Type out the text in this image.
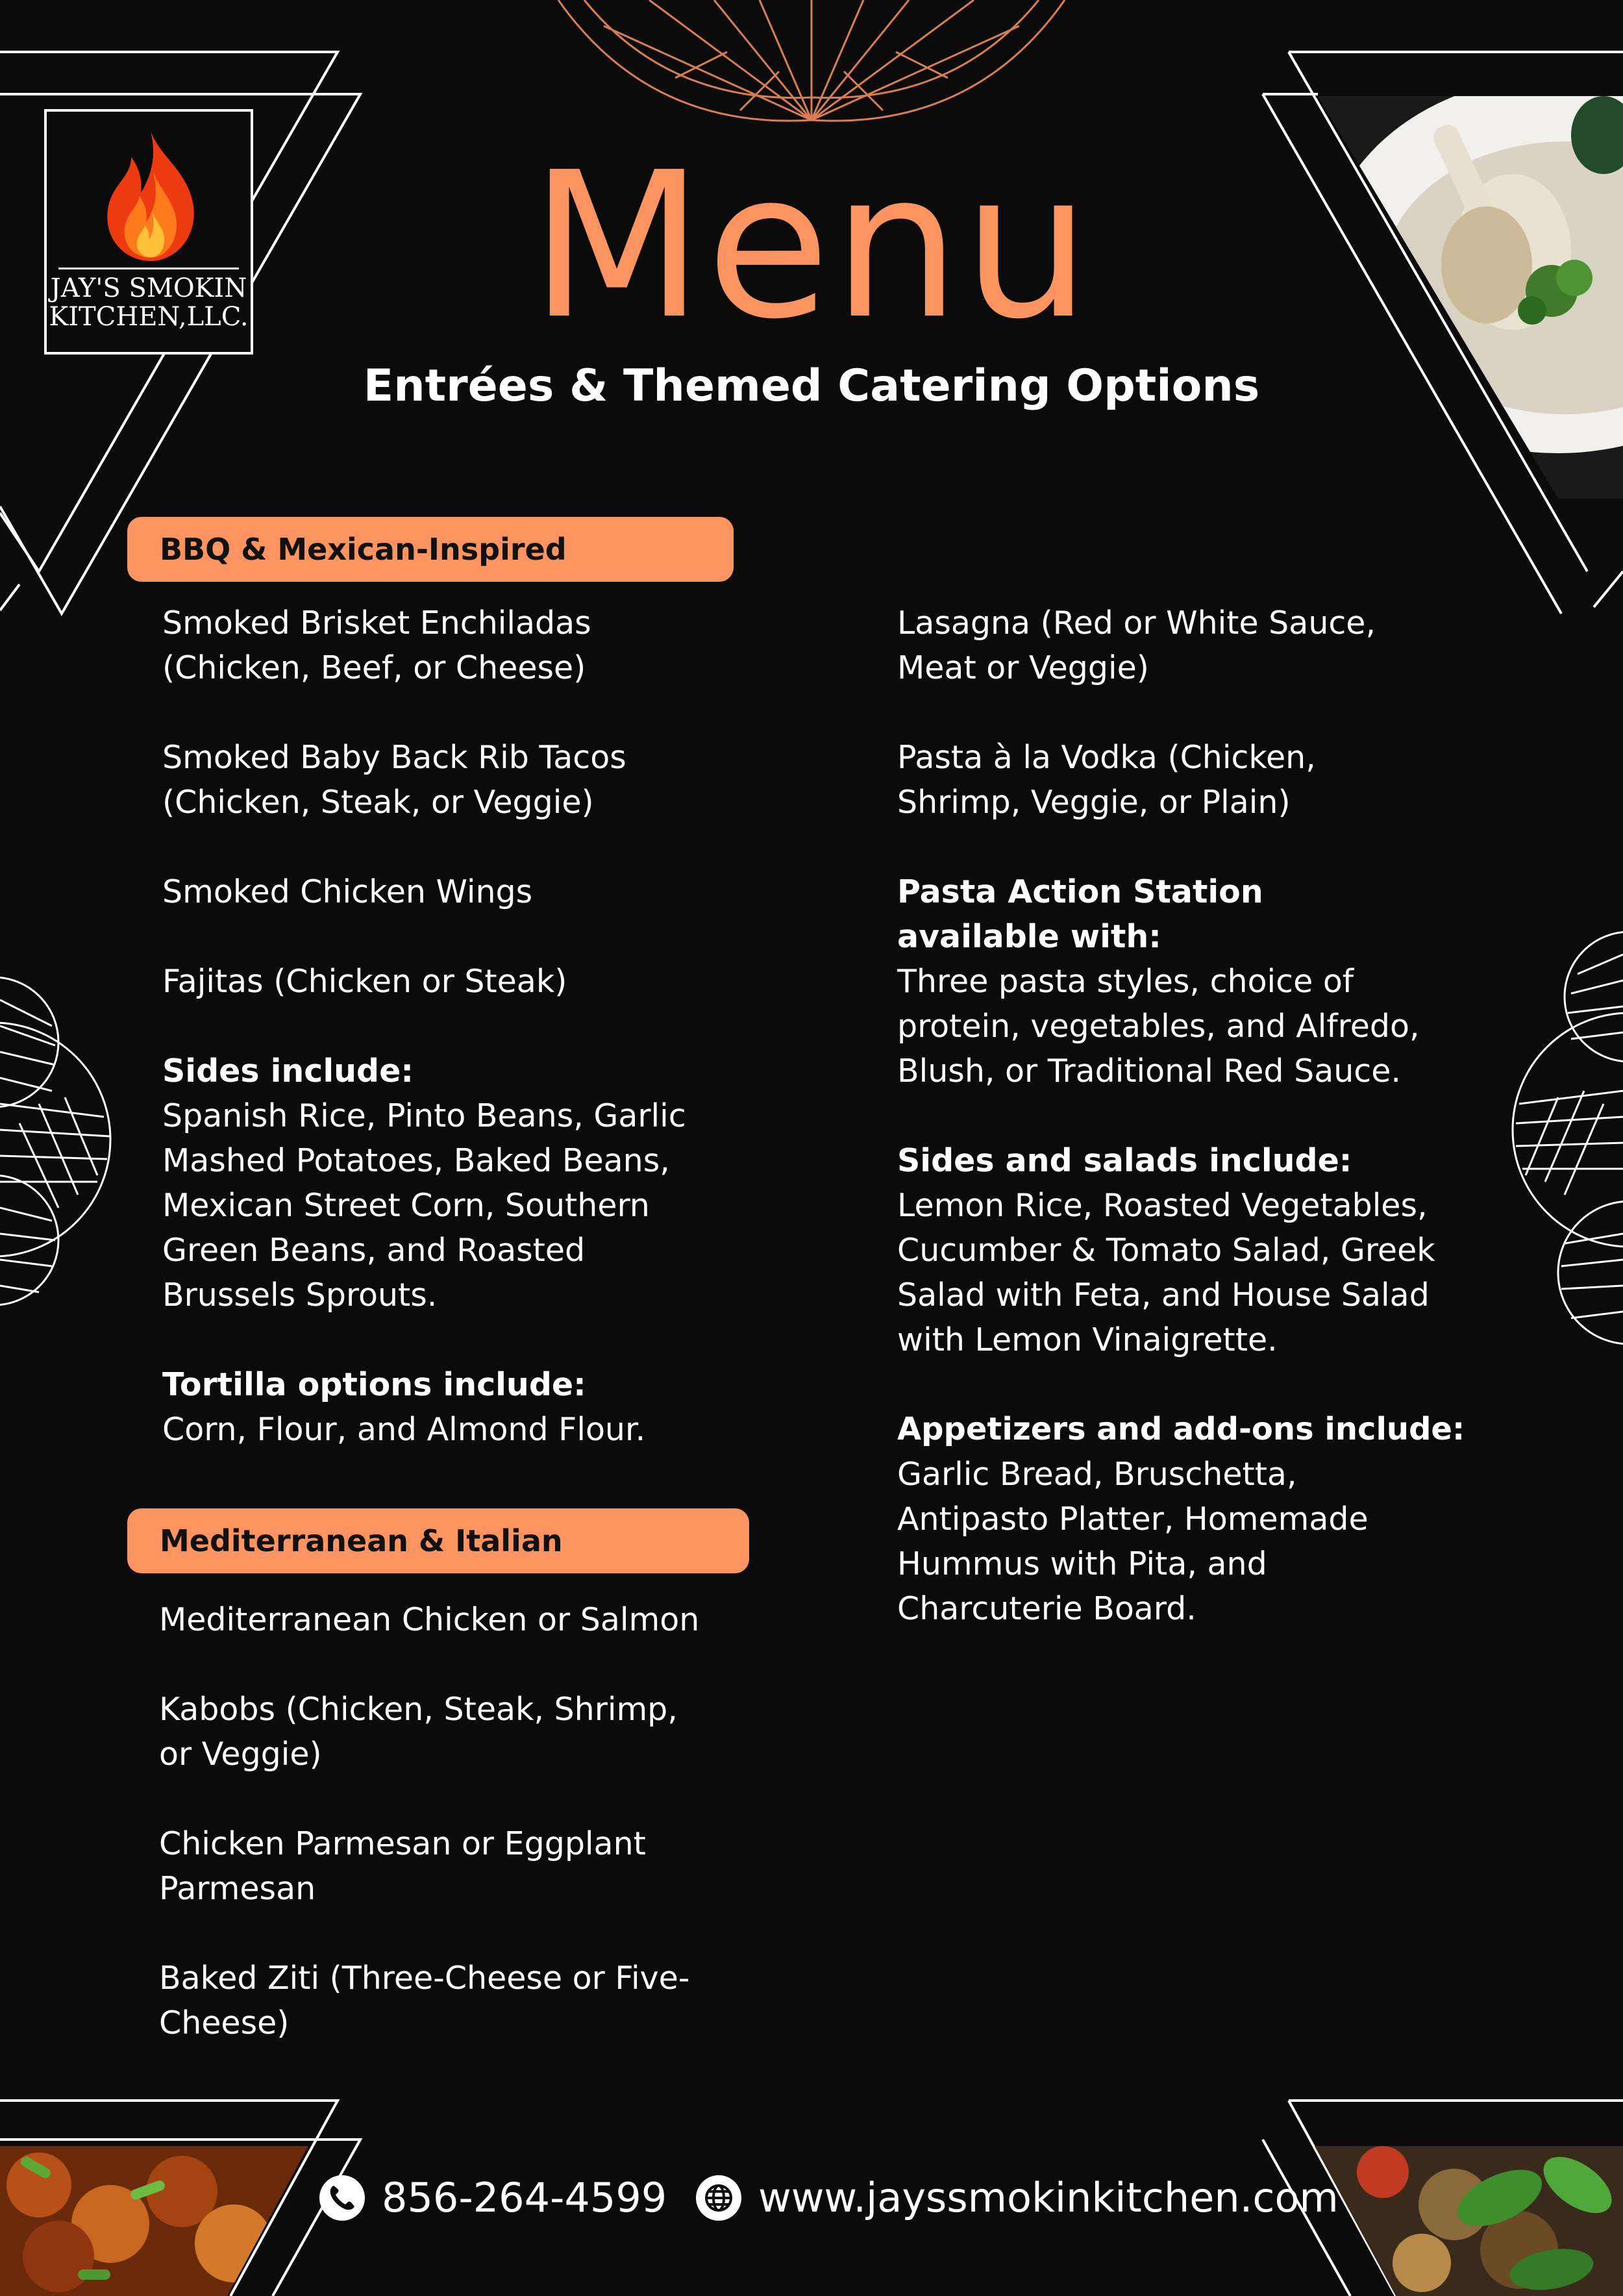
JAY'S SMOKIN
KITCHEN,LLC.	Menu
Entrées & Themed Catering Options
BBQ & Mexican-Inspired
Mediterranean & Italian
Smoked Brisket Enchiladas
(Chicken, Beef, or Cheese)
Smoked Baby Back Rib Tacos
(Chicken, Steak, or Veggie)
Smoked Chicken Wings
Fajitas (Chicken or Steak)
Sides include:
Spanish Rice, Pinto Beans, Garlic Mashed Potatoes, Baked Beans, Mexican Street Corn, Southern Green Beans, and Roasted Brussels Sprouts.
Tortilla options include:
Corn, Flour, and Almond Flour.
Mediterranean Chicken or Salmon
Kabobs (Chicken, Steak, Shrimp,
or Veggie)
Chicken Parmesan or Eggplant
Parmesan
Baked Ziti (Three-Cheese or Five-
Cheese)
Lasagna (Red or White Sauce,
Meat or Veggie)
Pasta à la Vodka (Chicken,
Shrimp, Veggie, or Plain)
Pasta Action Station available with:
Three pasta styles, choice of protein, vegetables, and Alfredo, Blush, or Traditional Red Sauce.
Sides and salads include: Lemon Rice, Roasted Vegetables, Cucumber & Tomato Salad, Greek Salad with Feta, and House Salad with Lemon Vinaigrette.
Appetizers and add-ons include:
Garlic Bread, Bruschetta, Antipasto Platter, Homemade Hummus with Pita, and Charcuterie Board.
856-264-4599 www.jayssmokinkitchen.com
